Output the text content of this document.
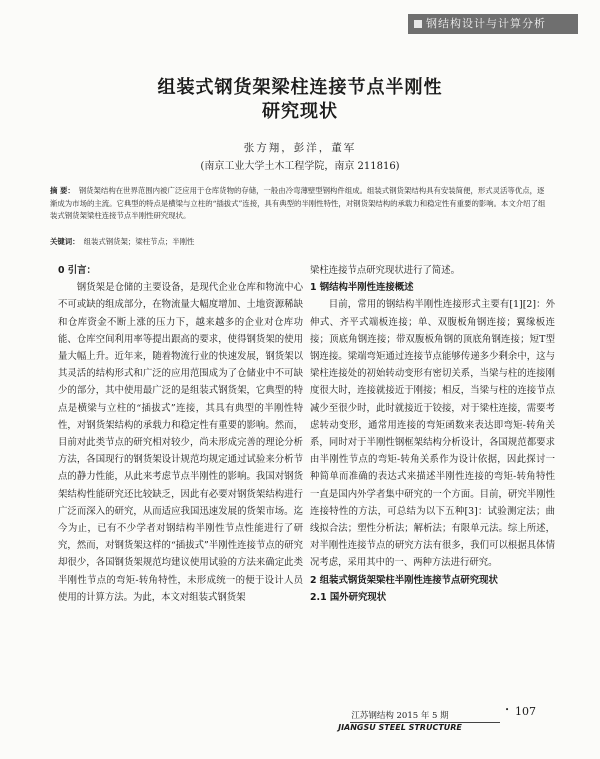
钢结构设计与计算分析
组装式钢货架梁柱连接节点半刚性
研究现状
张方翔，彭洋，董军
(南京工业大学土木工程学院，南京 211816)
摘 要： 钢货架结构在世界范围内被广泛应用于仓库货物的存储，一般由冷弯薄壁型钢构件组成。组装式钢货架结构具有安装简便，形式灵活等优点，逐渐成为市场的主流。它典型的特点是横梁与立柱的“插拔式”连接，具有典型的半刚性特性，对钢货架结构的承载力和稳定性有重要的影响。本文介绍了组装式钢货架梁柱连接节点半刚性研究现状。
关键词： 组装式钢货架；梁柱节点；半刚性

0 引言：

钢货架是仓储的主要设备，是现代企业仓库和物流中心不可或缺的组成部分，在物流量大幅度增加、土地资源稀缺和仓库资金不断上涨的压力下，越来越多的企业对仓库功能、仓库空间利用率等提出跟高的要求，使得钢货架的使用量大幅上升。近年来，随着物流行业的快速发展，钢货架以其灵活的结构形式和广泛的应用范围成为了仓储业中不可缺少的部分，其中使用最广泛的是组装式钢货架，它典型的特点是横梁与立柱的“插拔式”连接，其具有典型的半刚性特性，对钢货架结构的承载力和稳定性有重要的影响。然而，目前对此类节点的研究相对较少，尚未形成完善的理论分析方法，各国现行的钢货架设计规范均规定通过试验来分析节点的静力性能，从此来考虑节点半刚性的影响。我国对钢货架结构性能研究还比较缺乏，因此有必要对钢货架结构进行广泛而深入的研究，从而适应我国迅速发展的货架市场。迄今为止，已有不少学者对钢结构半刚性节点性能进行了研究，然而，对钢货架这样的“插拔式”半刚性连接节点的研究却很少，各国钢货架规范均建议使用试验的方法来确定此类半刚性节点的弯矩-转角特性，未形成统一的便于设计人员使用的计算方法。为此，本文对组装式钢货架

梁柱连接节点研究现状进行了简述。

1 钢结构半刚性连接概述

目前，常用的钢结构半刚性连接形式主要有[1][2]：外伸式、齐平式端板连接；单、双腹板角钢连接；翼缘板连接；顶底角钢连接；带双腹板角钢的顶底角钢连接；短T型钢连接。梁端弯矩通过连接节点能够传递多少剩余中，这与梁柱连接处的初始转动变形有密切关系，当梁与柱的连接刚度很大时，连接就接近于刚接；相反，当梁与柱的连接节点减少至很少时，此时就接近于铰接，对于梁柱连接，需要考虑转动变形，通常用连接的弯矩函数来表达即弯矩-转角关系，同时对于半刚性钢框架结构分析设计，各国规范都要求由半刚性节点的弯矩-转角关系作为设计依据，因此探讨一种简单而准确的表达式来描述半刚性连接的弯矩-转角特性一直是国内外学者集中研究的一个方面。目前，研究半刚性连接特性的方法，可总结为以下五种[3]：试验测定法；曲线拟合法；塑性分析法；解析法；有限单元法。综上所述，对半刚性连接节点的研究方法有很多，我们可以根据具体情况考虑，采用其中的一、两种方法进行研究。

2 组装式钢货架梁柱半刚性连接节点研究现状

2.1 国外研究现状

江苏钢结构 2015 年 5 期
JIANGSU STEEL STRUCTURE
• 107
